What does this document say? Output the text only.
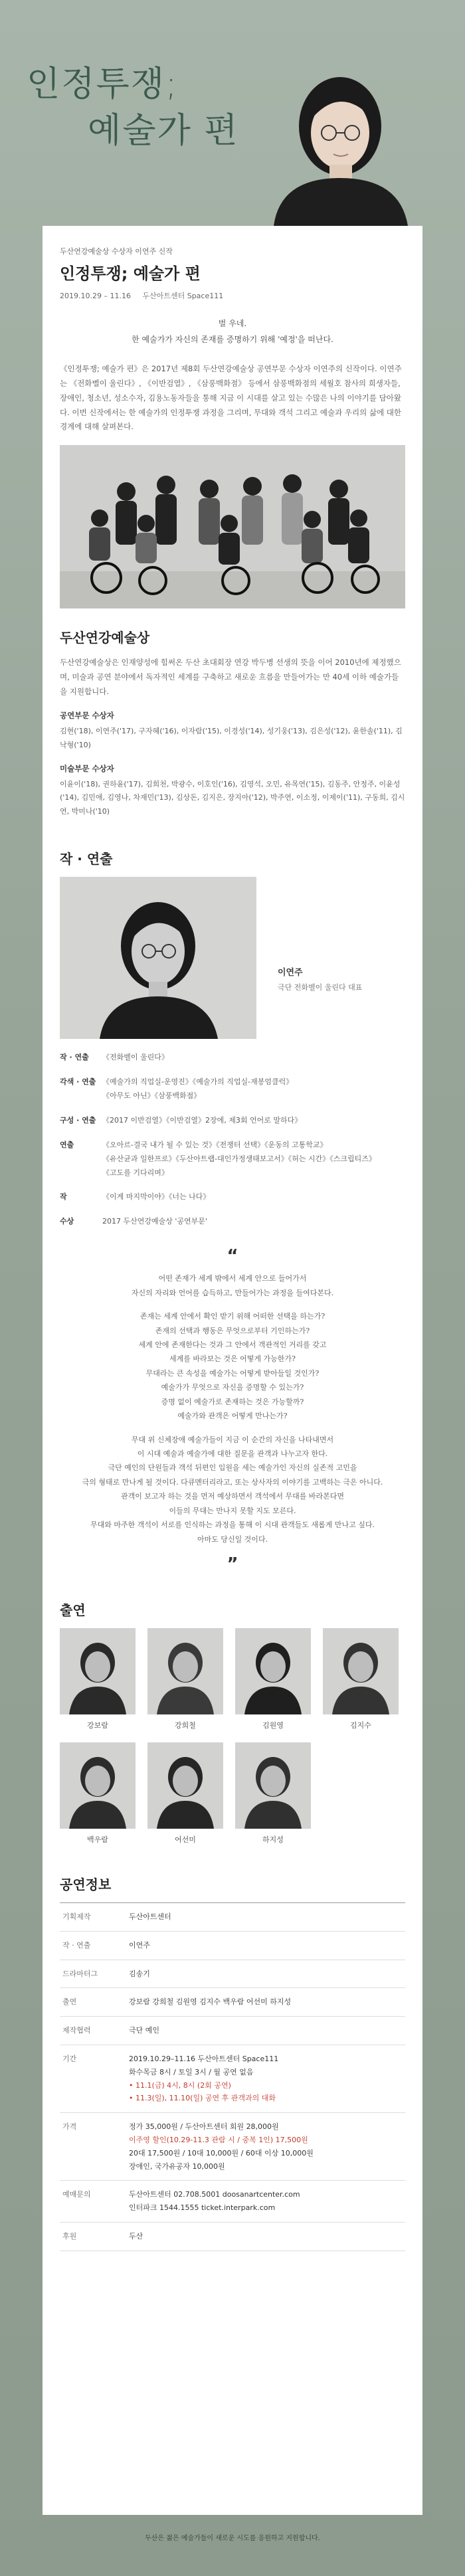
인정투쟁;
예술가 편
두산연강예술상 수상자 이연주 신작
인정투쟁; 예술가 편
2019.10.29 – 11.16 두산아트센터 Space111
벌 우네.
한 예술가가 자신의 존재를 증명하기 위해 '예정'을 떠난다.

《인정투쟁; 예술가 편》은 2017년 제8회 두산연강예술상 공연부문 수상자 이연주의 신작이다. 이연주는 《전화벨이 울린다》, 《이반검열》, 《삼풍백화점》 등에서 삼풍백화점의 세월호 참사의 희생자들, 장애인, 청소년, 성소수자, 김용노동자들을 통해 지금 이 시대를 살고 있는 수많은 나의 이야기를 담아왔다. 이번 신작에서는 한 예술가의 인정투쟁 과정을 그리며, 무대와 객석 그리고 예술과 우리의 삶에 대한 경계에 대해 살펴본다.

두산연강예술상

두산연강예술상은 인재양성에 힘써온 두산 초대회장 연강 박두병 선생의 뜻을 이어 2010년에 제정했으며, 미술과 공연 분야에서 독자적인 세계를 구축하고 새로운 흐름을 만들어가는 만 40세 이하 예술가들을 지원합니다.

공연부문 수상자

김현('18), 이연주('17), 구자혜('16), 이자람('15), 이경성('14), 성기웅('13), 김은성('12), 윤한솔('11), 김낙형('10)

미술부문 수상자

이윤이('18), 권하윤('17), 김희천, 박광수, 이호인('16), 김영석, 오민, 유목연('15), 김동주, 안정주, 이윤성('14), 김민애, 김영나, 차재민('13), 김상돈, 김지은, 장지아('12), 박주연, 이소정, 이제이('11), 구동희, 김시연, 박미나('10)

작 · 연출
이연주
극단 전화벨이 울린다 대표
작 · 연출	《전화벨이 울린다》
각색 · 연출 《예술가의 직업실-운영진》《예술가의 직업실-재봉엄클럭》
《아무도 아닌》《삼풍백화점》
구성 · 연출 《2017 이반검열》《이반검열》2장에, 제3회 언어로 말하다》
연출	《오아르-결국 내가 될 수 있는 것》《전쟁터 선택》《운동의 고통학교》
《유산균과 일한프로》《두산아트랩-대인가정생태보고서》《허는 시간》《스크립티즈》
《고도를 기다리며》
작	《이게 마지막이야》《너는 나다》
수상	2017 두산연강예술상 '공연부문'
“

어떤 존재가 세계 밖에서 세계 안으로 들어가서
자신의 자리와 언어를 습득하고, 만들어가는 과정을 들여다본다.

존재는 세계 안에서 확인 받기 위해 어떠한 선택을 하는가?
존재의 선택과 행동은 무엇으로부터 기인하는가?
세계 안에 존재한다는 것과 그 안에서 객관적인 거리를 갖고
세계를 바라보는 것은 어떻게 가능한가?
무대라는 큰 속성을 예술가는 어떻게 받아들일 것인가?
예술가가 무엇으로 자신을 증명할 수 있는가?
증명 없이 예술가로 존재하는 것은 가능할까?
예술가와 관객은 어떻게 만나는가?

무대 위 신체장애 예술가들이 지금 이 순간의 자신을 나타내면서
이 시대 예술과 예술가에 대한 질문을 관객과 나누고자 한다.
극단 예인의 단원들과 객석 뒤편인 입원을 세는 예술가인 자신의 실존적 고민을
극의 형태로 만나게 될 것이다. 다큐멘터리라고, 또는 상사자의 이야기를 고백하는 극은 아니다.
관객이 보고자 하는 것을 먼저 예상하면서 객석에서 무대를 바라본다면
이들의 무대는 만나지 못할 지도 모른다.
무대와 마주한 객석이 서로를 인식하는 과정을 통해 이 시대 관객들도 새롭게 만나고 싶다.
아마도 당신일 것이다.

”
출연
강보람	강희철	김원영	김지수
백우람	어선미	하지성
공연정보
기획제작	두산아트센터
작 · 연출	이연주
드라마터그	김송기
출연	강보람 강희철 김원영 김지수 백우람 어선미 하지성
제작협력	극단 예인
기간	2019.10.29–11.16 두산아트센터 Space111
화수목금 8시 / 토일 3시 / 월 공연 없음
• 11.1(금) 4시, 8시 (2회 공연)
• 11.3(일), 11.10(일) 공연 후 관객과의 대화
가격	정가 35,000원 / 두산아트센터 회원 28,000원
이주영 할인(10.29-11.3 관람 시 / 중복 1인) 17,500원
20대 17,500원 / 10대 10,000원 / 60대 이상 10,000원
장애인, 국가유공자 10,000원
예매문의	두산아트센터 02.708.5001 doosanartcenter.com
인터파크 1544.1555 ticket.interpark.com
후원	두산
두산은 젊은 예술가들이 새로운 시도를 응원하고 지원합니다.
